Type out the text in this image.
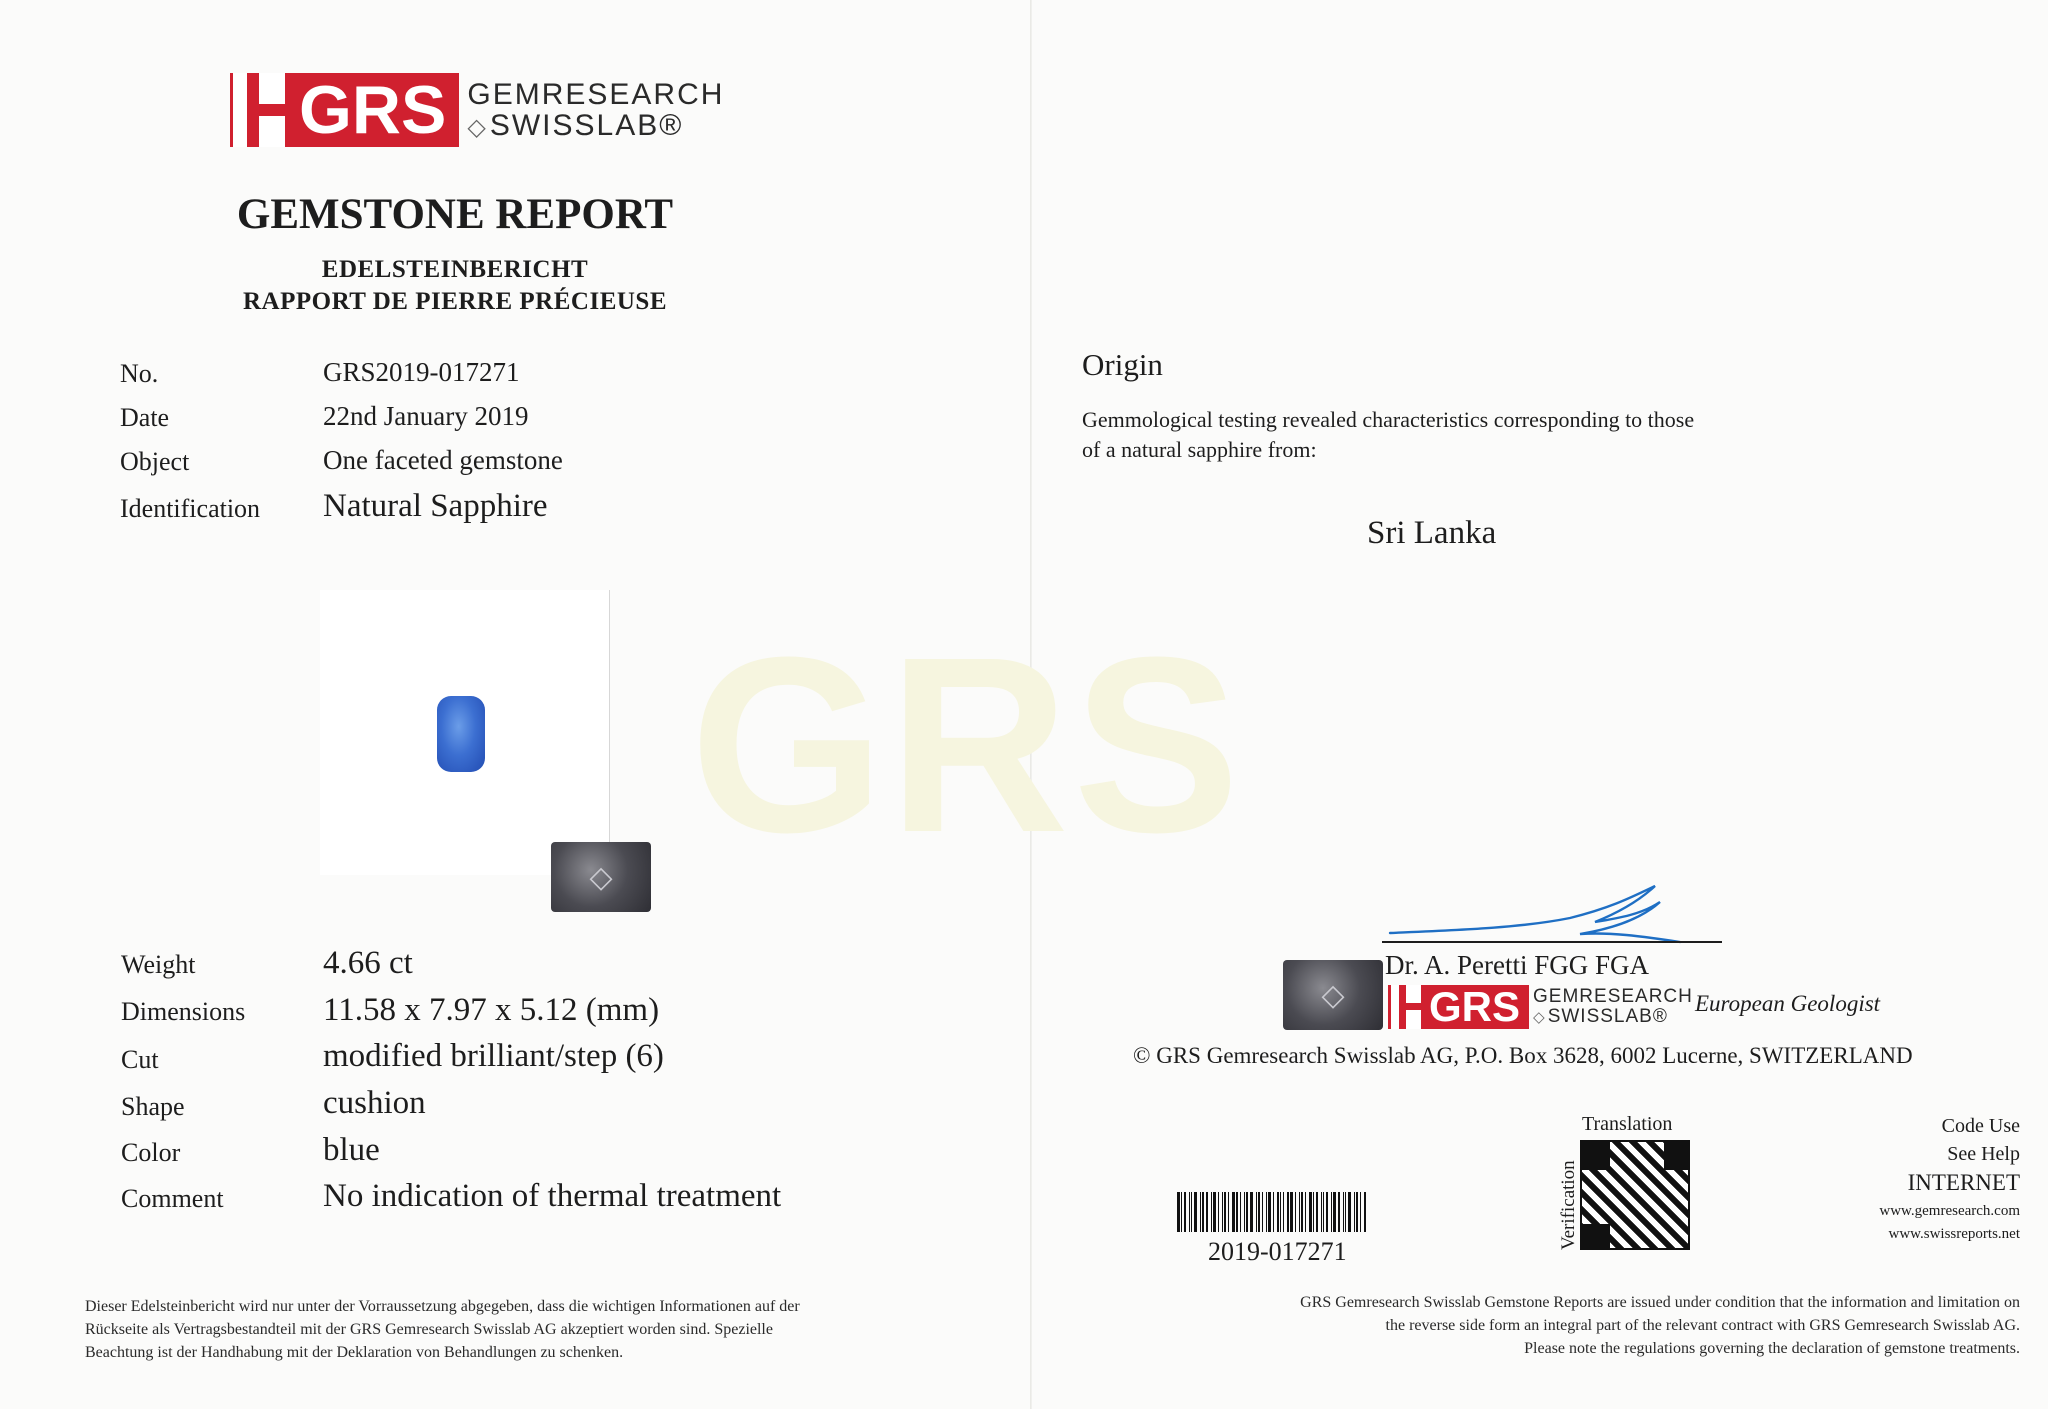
GRS
GRS GEMRESEARCH
◇SWISSLAB®
GEMSTONE REPORT
EDELSTEINBERICHT
RAPPORT DE PIERRE PRÉCIEUSE
No.	GRS2019-017271
Date	22nd January 2019
Object	One faceted gemstone
Identification Natural Sapphire
◇
Weight	4.66 ct
Dimensions 11.58 x 7.97 x 5.12 (mm)
Cut	modified brilliant/step (6)
Shape	cushion
Color	blue
Comment	No indication of thermal treatment
Dieser Edelsteinbericht wird nur unter der Vorraussetzung abgegeben, dass die wichtigen Informationen auf der
Rückseite als Vertragsbestandteil mit der GRS Gemresearch Swisslab AG akzeptiert worden sind. Spezielle
Beachtung ist der Handhabung mit der Deklaration von Behandlungen zu schenken.
Origin
Gemmological testing revealed characteristics corresponding to those
of a natural sapphire from:
Sri Lanka
◇
Dr. A. Peretti FGG FGA
GRS GEMRESEARCH
◇ SWISSLAB®
European Geologist
© GRS Gemresearch Swisslab AG, P.O. Box 3628, 6002 Lucerne, SWITZERLAND
2019-017271
Translation
Verification
Code Use
See Help
INTERNET
www.gemresearch.com
www.swissreports.net
GRS Gemresearch Swisslab Gemstone Reports are issued under condition that the information and limitation on
the reverse side form an integral part of the relevant contract with GRS Gemresearch Swisslab AG.
Please note the regulations governing the declaration of gemstone treatments.
